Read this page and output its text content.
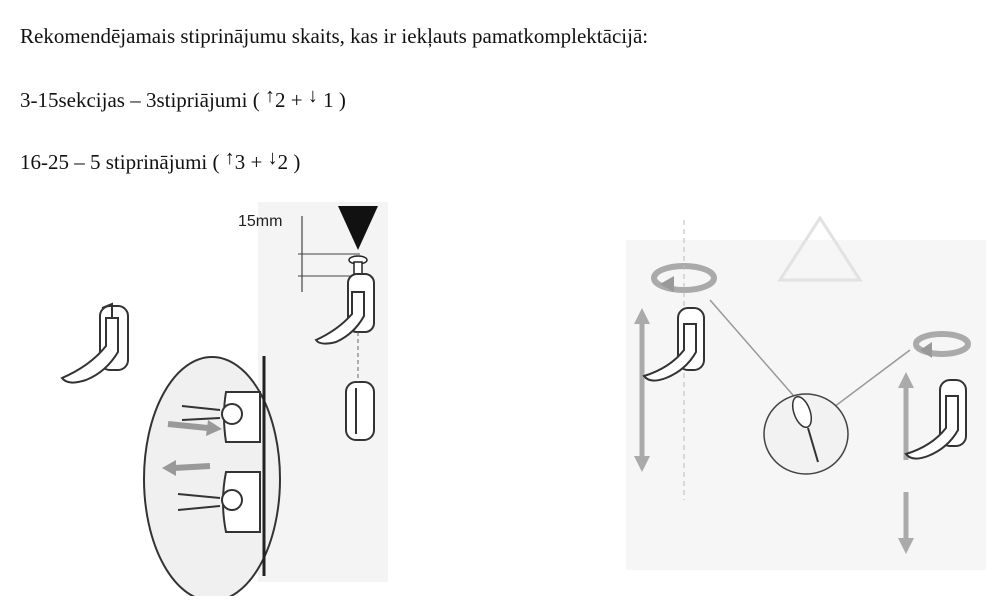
Rekomendējamais stiprinājumu skaits, kas ir iekļauts pamatkomplektācijā:
3-15sekcijas – 3stipriājumi ( ↑2 + ↓ 1 )
16-25 – 5 stiprinājumi ( ↑3 + ↓2 )
15mm
